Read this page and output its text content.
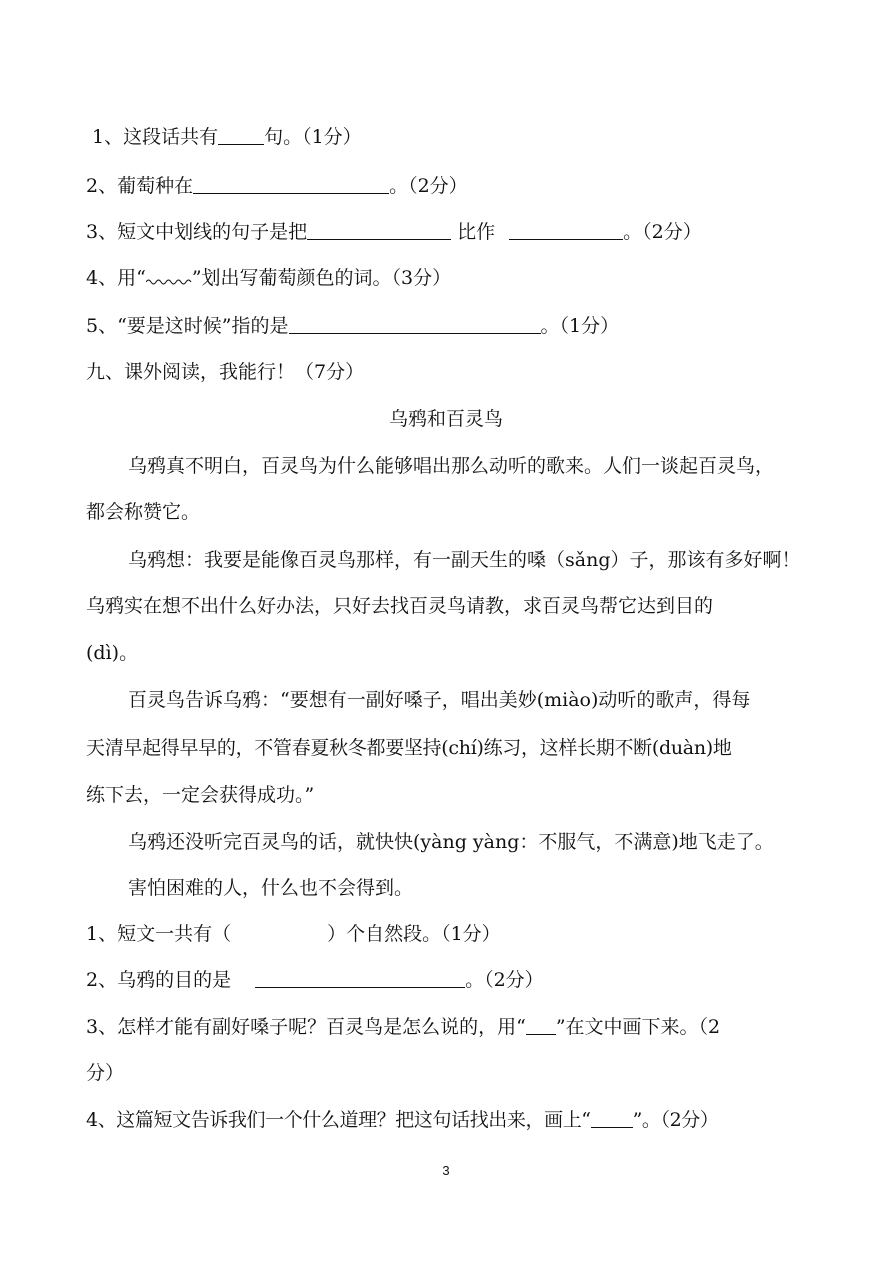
1、这段话共有 句。（1分）
2、葡萄种在	。（2分）
3、短文中划线的句子是把	比作	。（2分）
4、用“ ”划出写葡萄颜色的词。（3分）
5、“要是这时候”指的是	。（1分）
九、课外阅读，我能行！（7分）
乌鸦和百灵鸟
乌鸦真不明白，百灵鸟为什么能够唱出那么动听的歌来。人们一谈起百灵鸟，
都会称赞它。
乌鸦想：我要是能像百灵鸟那样，有一副天生的嗓（sǎng）子，那该有多好啊！
乌鸦实在想不出什么好办法，只好去找百灵鸟请教，求百灵鸟帮它达到目的
(dì)。
百灵鸟告诉乌鸦：“要想有一副好嗓子，唱出美妙(miào)动听的歌声，得每
天清早起得早早的，不管春夏秋冬都要坚持(chí)练习，这样长期不断(duàn)地
练下去，一定会获得成功。”
乌鸦还没听完百灵鸟的话，就快快(yàng yàng：不服气，不满意)地飞走了。
害怕困难的人，什么也不会得到。
1、短文一共有（	）个自然段。（1分）
2、乌鸦的目的是	。（2分）
3、怎样才能有副好嗓子呢？百灵鸟是怎么说的，用“ ”在文中画下来。（2
分）
4、这篇短文告诉我们一个什么道理？把这句话找出来，画上“ ”。（2分）
3
